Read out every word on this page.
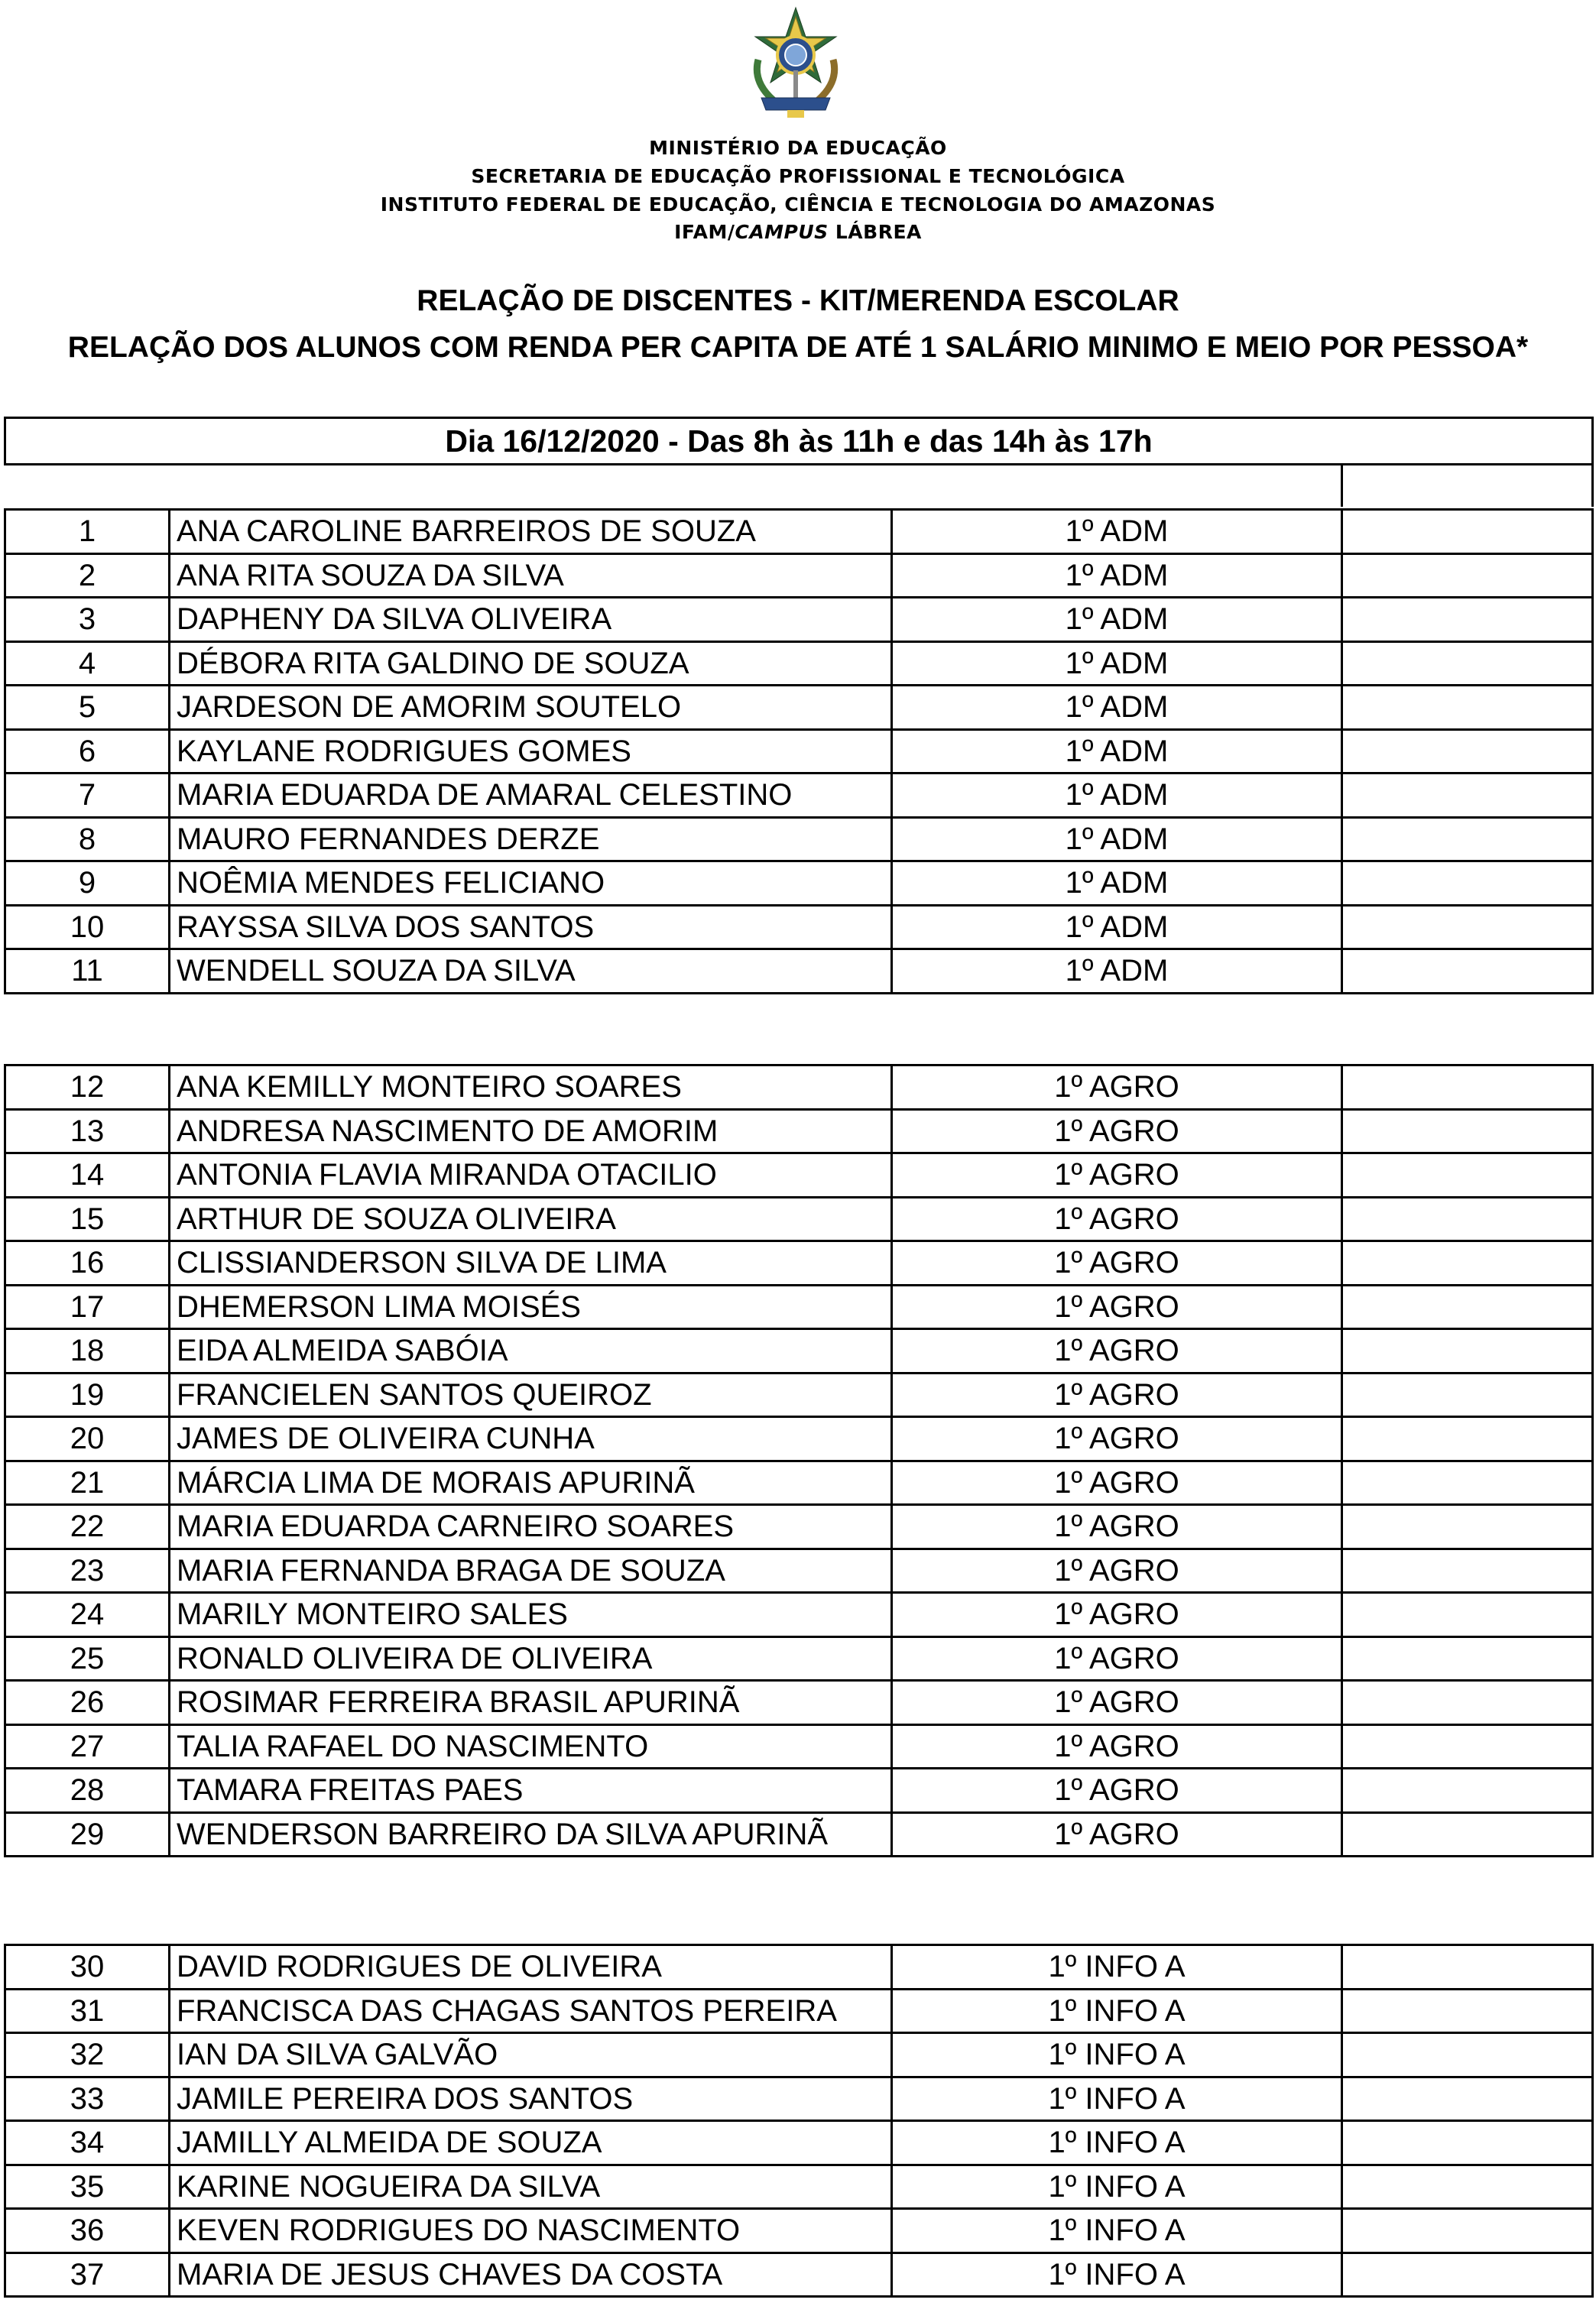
MINISTÉRIO DA EDUCAÇÃO
SECRETARIA DE EDUCAÇÃO PROFISSIONAL E TECNOLÓGICA
INSTITUTO FEDERAL DE EDUCAÇÃO, CIÊNCIA E TECNOLOGIA DO AMAZONAS
IFAM/CAMPUS LÁBREA
RELAÇÃO DE DISCENTES - KIT/MERENDA ESCOLAR
RELAÇÃO DOS ALUNOS COM RENDA PER CAPITA DE ATÉ 1 SALÁRIO MINIMO E MEIO POR PESSOA*
Dia 16/12/2020 - Das 8h às 11h e das 14h às 17h

1	ANA CAROLINE BARREIROS DE SOUZA	1º ADM	
2	ANA RITA SOUZA DA SILVA	1º ADM	
3	DAPHENY DA SILVA OLIVEIRA	1º ADM	
4	DÉBORA RITA GALDINO DE SOUZA	1º ADM	
5	JARDESON DE AMORIM SOUTELO	1º ADM	
6	KAYLANE RODRIGUES GOMES	1º ADM	
7	MARIA EDUARDA DE AMARAL CELESTINO	1º ADM	
8	MAURO FERNANDES DERZE	1º ADM	
9	NOÊMIA MENDES FELICIANO	1º ADM	
10	RAYSSA SILVA DOS SANTOS	1º ADM	
11	WENDELL SOUZA DA SILVA	1º ADM	
12	ANA KEMILLY MONTEIRO SOARES	1º AGRO	
13	ANDRESA NASCIMENTO DE AMORIM	1º AGRO	
14	ANTONIA FLAVIA MIRANDA OTACILIO	1º AGRO	
15	ARTHUR DE SOUZA OLIVEIRA	1º AGRO	
16	CLISSIANDERSON SILVA DE LIMA	1º AGRO	
17	DHEMERSON LIMA MOISÉS	1º AGRO	
18	EIDA ALMEIDA SABÓIA	1º AGRO	
19	FRANCIELEN SANTOS QUEIROZ	1º AGRO	
20	JAMES DE OLIVEIRA CUNHA	1º AGRO	
21	MÁRCIA LIMA DE MORAIS APURINÃ	1º AGRO	
22	MARIA EDUARDA CARNEIRO SOARES	1º AGRO	
23	MARIA FERNANDA BRAGA DE SOUZA	1º AGRO	
24	MARILY MONTEIRO SALES	1º AGRO	
25	RONALD OLIVEIRA DE OLIVEIRA	1º AGRO	
26	ROSIMAR FERREIRA BRASIL APURINÃ	1º AGRO	
27	TALIA RAFAEL DO NASCIMENTO	1º AGRO	
28	TAMARA FREITAS PAES	1º AGRO	
29	WENDERSON BARREIRO DA SILVA APURINÃ	1º AGRO	
30	DAVID RODRIGUES DE OLIVEIRA	1º INFO A	
31	FRANCISCA DAS CHAGAS SANTOS PEREIRA	1º INFO A	
32	IAN DA SILVA GALVÃO	1º INFO A	
33	JAMILE PEREIRA DOS SANTOS	1º INFO A	
34	JAMILLY ALMEIDA DE SOUZA	1º INFO A	
35	KARINE NOGUEIRA DA SILVA	1º INFO A	
36	KEVEN RODRIGUES DO NASCIMENTO	1º INFO A	
37	MARIA DE JESUS CHAVES DA COSTA	1º INFO A	
